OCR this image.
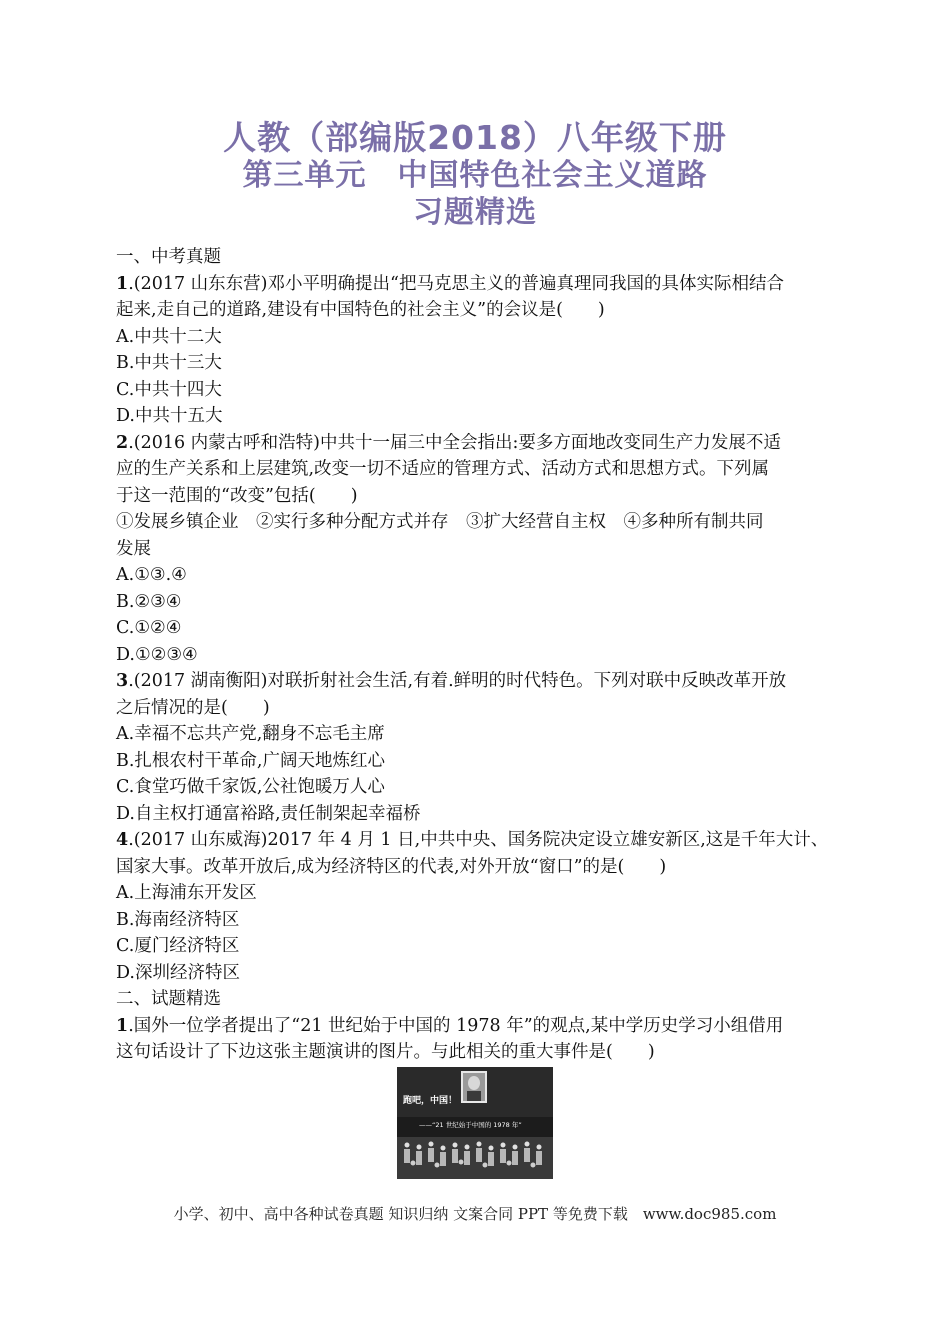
人教（部编版2018）八年级下册
第三单元　中国特色社会主义道路
习题精选
一、中考真题
1.(2017 山东东营)邓小平明确提出“把马克思主义的普遍真理同我国的具体实际相结合
起来,走自己的道路,建设有中国特色的社会主义”的会议是(　　)
A.中共十二大
B.中共十三大
C.中共十四大
D.中共十五大
2.(2016 内蒙古呼和浩特)中共十一届三中全会指出:要多方面地改变同生产力发展不适
应的生产关系和上层建筑,改变一切不适应的管理方式、活动方式和思想方式。下列属
于这一范围的“改变”包括(　　)
①发展乡镇企业　②实行多种分配方式并存　③扩大经营自主权　④多种所有制共同
发展
A.①③.④
B.②③④
C.①②④
D.①②③④
3.(2017 湖南衡阳)对联折射社会生活,有着.鲜明的时代特色。下列对联中反映改革开放
之后情况的是(　　)
A.幸福不忘共产党,翻身不忘毛主席
B.扎根农村干革命,广阔天地炼红心
C.食堂巧做千家饭,公社饱暖万人心
D.自主权打通富裕路,责任制架起幸福桥
4.(2017 山东威海)2017 年 4 月 1 日,中共中央、国务院决定设立雄安新区,这是千年大计、
国家大事。改革开放后,成为经济特区的代表,对外开放“窗口”的是(　　)
A.上海浦东开发区
B.海南经济特区
C.厦门经济特区
D.深圳经济特区
二、试题精选
1.国外一位学者提出了“21 世纪始于中国的 1978 年”的观点,某中学历史学习小组借用
这句话设计了下边这张主题演讲的图片。与此相关的重大事件是(　　)
跑吧，中国！
——“21 世纪始于中国的 1978 年”
小学、初中、高中各种试卷真题 知识归纳 文案合同 PPT 等免费下载　www.doc985.com
